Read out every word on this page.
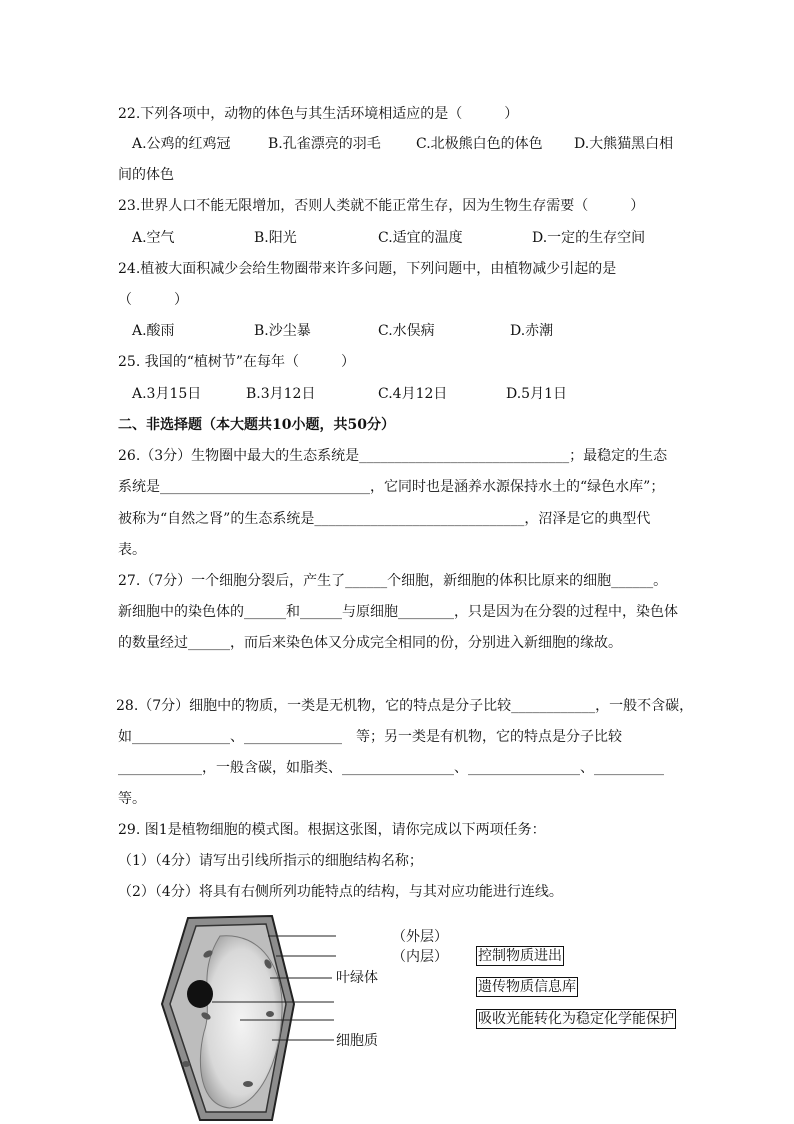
22.下列各项中，动物的体色与其生活环境相适应的是（　　　）
A.公鸡的红鸡冠	B.孔雀漂亮的羽毛	C.北极熊白色的体色 D.大熊猫黑白相
间的体色
23.世界人口不能无限增加，否则人类就不能正常生存，因为生物生存需要（　　　）
A.空气	B.阳光	C.适宜的温度	D.一定的生存空间
24.植被大面积减少会给生物圈带来许多问题，下列问题中，由植物减少引起的是
（　　　）
A.酸雨	B.沙尘暴	C.水俣病	D.赤潮
25. 我国的“植树节”在每年（　　　）
A.3月15日	B.3月12日	C.4月12日	D.5月1日
二、非选择题（本大题共10小题，共50分）
26.（3分）生物圈中最大的生态系统是______________________________；最稳定的生态
系统是______________________________，它同时也是涵养水源保持水土的“绿色水库”；
被称为“自然之肾”的生态系统是______________________________，沼泽是它的典型代
表。
27.（7分）一个细胞分裂后，产生了______个细胞，新细胞的体积比原来的细胞______。
新细胞中的染色体的______和______与原细胞________，只是因为在分裂的过程中，染色体
的数量经过______，而后来染色体又分成完全相同的份，分别进入新细胞的缘故。
28.（7分）细胞中的物质，一类是无机物，它的特点是分子比较____________，一般不含碳，
如______________、______________　等；另一类是有机物，它的特点是分子比较
____________，一般含碳，如脂类、________________、________________、__________
等。
29. 图1是植物细胞的模式图。根据这张图，请你完成以下两项任务：
（1）（4分）请写出引线所指示的细胞结构名称；
（2）（4分）将具有右侧所列功能特点的结构，与其对应功能进行连线。
（外层）
（内层）
叶绿体
细胞质
控制物质进出
遗传物质信息库
吸收光能转化为稳定化学能保护
